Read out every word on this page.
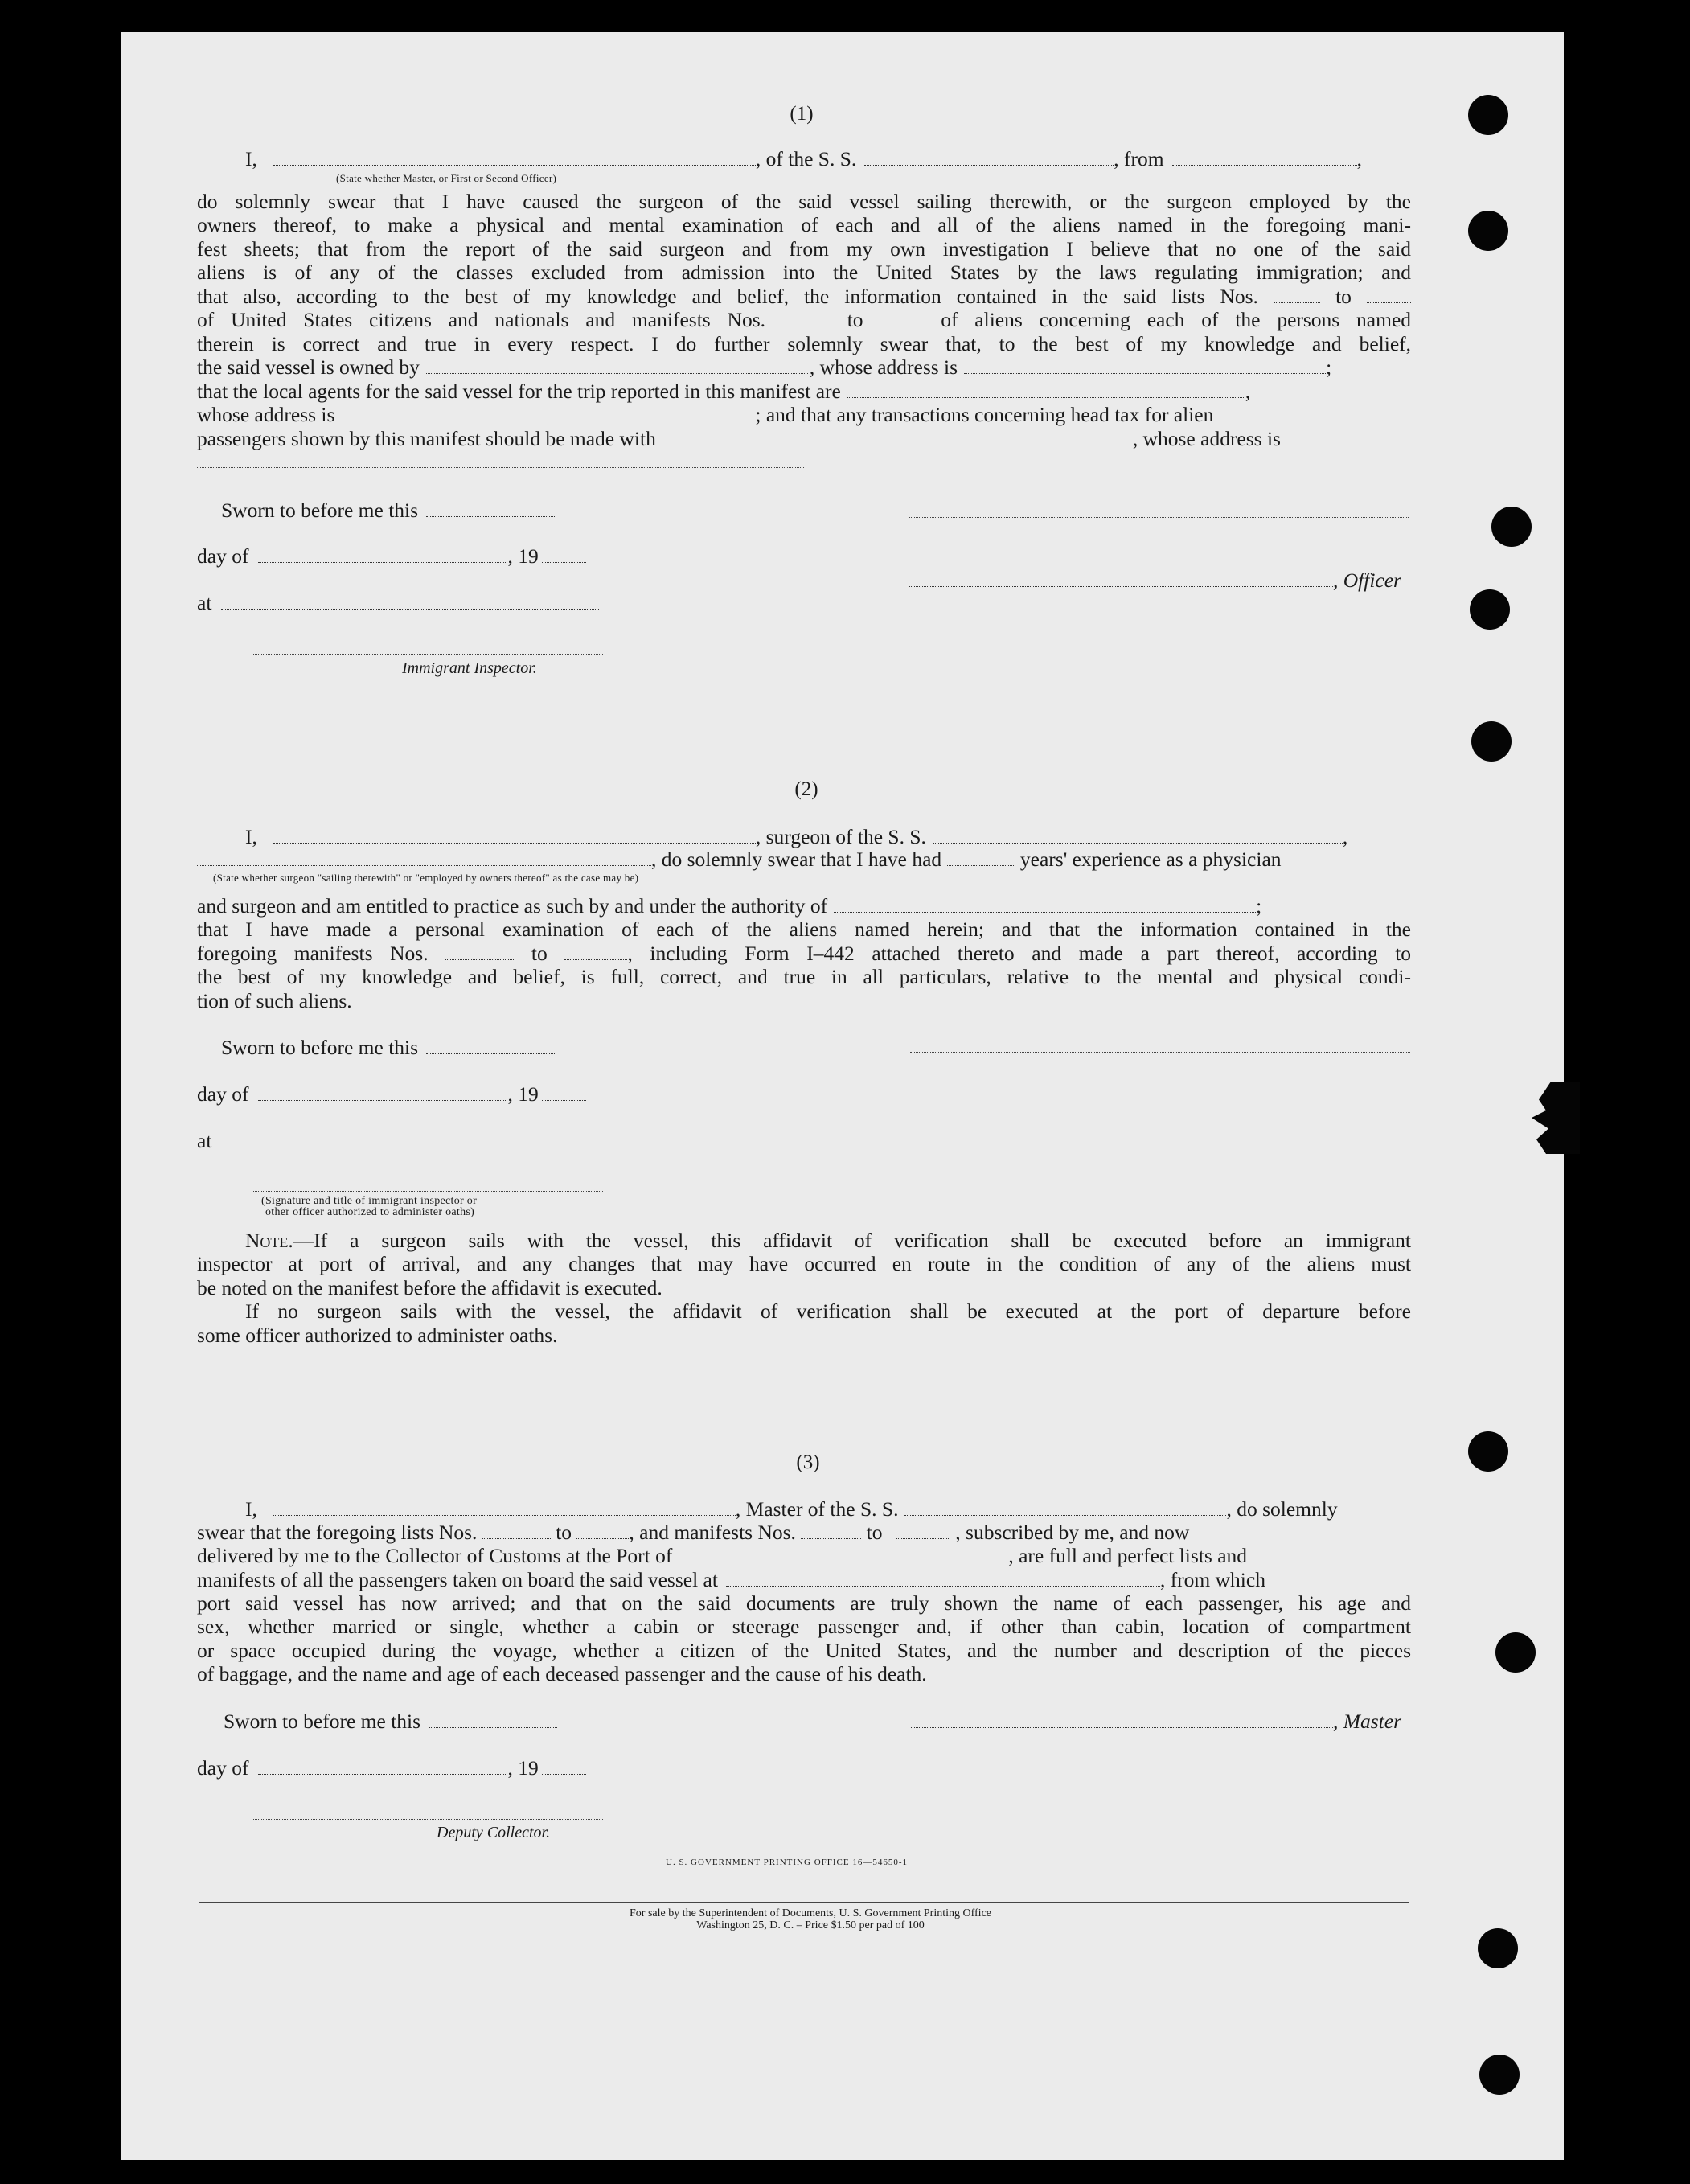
(1)
I,	, of the S. S.	, from	,
(State whether Master, or First or Second Officer)
do solemnly swear that I have caused the surgeon of the said vessel sailing therewith, or the surgeon employed by the
owners thereof, to make a physical and mental examination of each and all of the aliens named in the foregoing mani-
fest sheets; that from the report of the said surgeon and from my own investigation I believe that no one of the said
aliens is of any of the classes excluded from admission into the United States by the laws regulating immigration; and
that also, according to the best of my knowledge and belief, the information contained in the said lists Nos.	to
of United States citizens and nationals and manifests Nos.	to	of aliens concerning each of the persons named
therein is correct and true in every respect. I do further solemnly swear that, to the best of my knowledge and belief,
the said vessel is owned by	, whose address is	;
that the local agents for the said vessel for the trip reported in this manifest are	,
whose address is	; and that any transactions concerning head tax for alien
passengers shown by this manifest should be made with	, whose address is
Sworn to before me this
day of	, 19
, Officer
at
Immigrant Inspector.
(2)
I,	, surgeon of the S. S.	,
, do solemnly swear that I have had	years' experience as a physician
(State whether surgeon "sailing therewith" or "employed by owners thereof" as the case may be)
and surgeon and am entitled to practice as such by and under the authority of	;
that I have made a personal examination of each of the aliens named herein; and that the information contained in the
foregoing manifests Nos.	to	, including Form I–442 attached thereto and made a part thereof, according to
the best of my knowledge and belief, is full, correct, and true in all particulars, relative to the mental and physical condi-
tion of such aliens.
Sworn to before me this
day of	, 19
at
(Signature and title of immigrant inspector or
other officer authorized to administer oaths)
Note.—If a surgeon sails with the vessel, this affidavit of verification shall be executed before an immigrant
inspector at port of arrival, and any changes that may have occurred en route in the condition of any of the aliens must
be noted on the manifest before the affidavit is executed.
If no surgeon sails with the vessel, the affidavit of verification shall be executed at the port of departure before
some officer authorized to administer oaths.
(3)
I,	, Master of the S. S.	, do solemnly
swear that the foregoing lists Nos.	to	, and manifests Nos.	to	, subscribed by me, and now
delivered by me to the Collector of Customs at the Port of	, are full and perfect lists and
manifests of all the passengers taken on board the said vessel at	, from which
port said vessel has now arrived; and that on the said documents are truly shown the name of each passenger, his age and
sex, whether married or single, whether a cabin or steerage passenger and, if other than cabin, location of compartment
or space occupied during the voyage, whether a citizen of the United States, and the number and description of the pieces
of baggage, and the name and age of each deceased passenger and the cause of his death.
Sworn to before me this	, Master
day of	, 19
Deputy Collector.
U. S. GOVERNMENT PRINTING OFFICE 16—54650-1
For sale by the Superintendent of Documents, U. S. Government Printing Office
Washington 25, D. C. – Price $1.50 per pad of 100
